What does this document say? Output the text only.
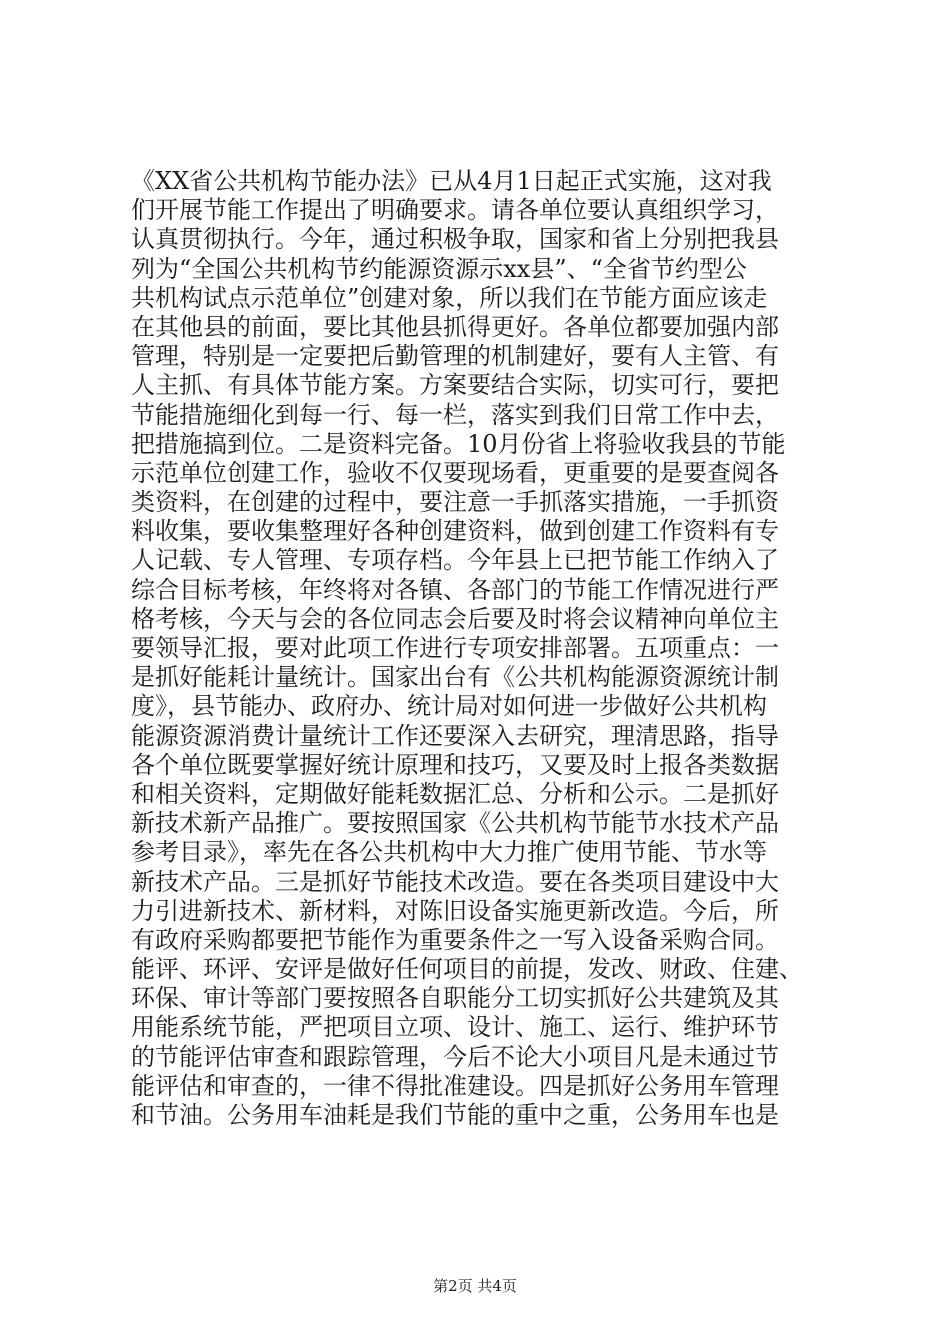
《XX省公共机构节能办法》已从4月1日起正式实施，这对我
们开展节能工作提出了明确要求。请各单位要认真组织学习，
认真贯彻执行。今年，通过积极争取，国家和省上分别把我县
列为“全国公共机构节约能源资源示xx县”、“全省节约型公
共机构试点示范单位”创建对象，所以我们在节能方面应该走
在其他县的前面，要比其他县抓得更好。各单位都要加强内部
管理，特别是一定要把后勤管理的机制建好，要有人主管、有
人主抓、有具体节能方案。方案要结合实际，切实可行，要把
节能措施细化到每一行、每一栏，落实到我们日常工作中去，
把措施搞到位。二是资料完备。10月份省上将验收我县的节能
示范单位创建工作，验收不仅要现场看，更重要的是要查阅各
类资料，在创建的过程中，要注意一手抓落实措施，一手抓资
料收集，要收集整理好各种创建资料，做到创建工作资料有专
人记载、专人管理、专项存档。今年县上已把节能工作纳入了
综合目标考核，年终将对各镇、各部门的节能工作情况进行严
格考核，今天与会的各位同志会后要及时将会议精神向单位主
要领导汇报，要对此项工作进行专项安排部署。五项重点：一
是抓好能耗计量统计。国家出台有《公共机构能源资源统计制
度》，县节能办、政府办、统计局对如何进一步做好公共机构
能源资源消费计量统计工作还要深入去研究，理清思路，指导
各个单位既要掌握好统计原理和技巧，又要及时上报各类数据
和相关资料，定期做好能耗数据汇总、分析和公示。二是抓好
新技术新产品推广。要按照国家《公共机构节能节水技术产品
参考目录》，率先在各公共机构中大力推广使用节能、节水等
新技术产品。三是抓好节能技术改造。要在各类项目建设中大
力引进新技术、新材料，对陈旧设备实施更新改造。今后，所
有政府采购都要把节能作为重要条件之一写入设备采购合同。
能评、环评、安评是做好任何项目的前提，发改、财政、住建、
环保、审计等部门要按照各自职能分工切实抓好公共建筑及其
用能系统节能，严把项目立项、设计、施工、运行、维护环节
的节能评估审查和跟踪管理，今后不论大小项目凡是未通过节
能评估和审查的，一律不得批准建设。四是抓好公务用车管理
和节油。公务用车油耗是我们节能的重中之重，公务用车也是
第2页 共4页
